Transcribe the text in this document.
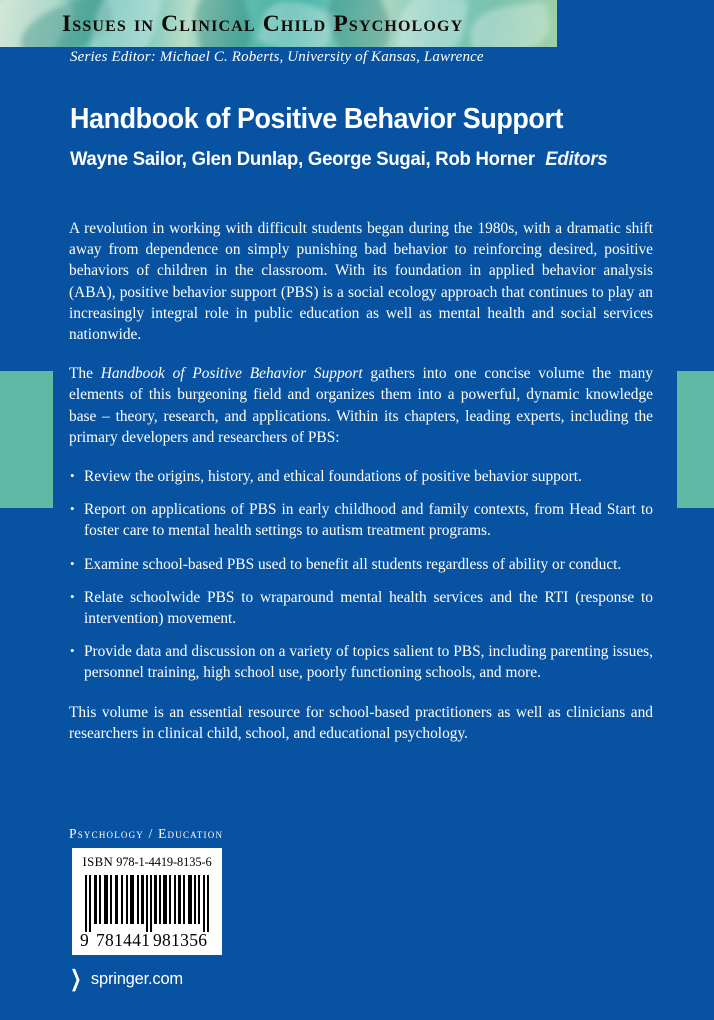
Issues in Clinical Child Psychology
Series Editor: Michael C. Roberts, University of Kansas, Lawrence
Handbook of Positive Behavior Support
Wayne Sailor, Glen Dunlap, George Sugai, Rob Horner Editors

A revolution in working with difficult students began during the 1980s, with a dramatic shift away from dependence on simply punishing bad behavior to reinforcing desired, positive behaviors of children in the classroom. With its foundation in applied behavior analysis (ABA), positive behavior support (PBS) is a social ecology approach that continues to play an increasingly integral role in public education as well as mental health and social services nationwide.

The Handbook of Positive Behavior Support gathers into one concise volume the many elements of this burgeoning field and organizes them into a powerful, dynamic knowledge base – theory, research, and applications. Within its chapters, leading experts, including the primary developers and researchers of PBS:

• Review the origins, history, and ethical foundations of positive behavior support.
• Report on applications of PBS in early childhood and family contexts, from Head Start to foster care to mental health settings to autism treatment programs.
• Examine school-based PBS used to benefit all students regardless of ability or conduct.
• Relate schoolwide PBS to wraparound mental health services and the RTI (response to intervention) movement.
• Provide data and discussion on a variety of topics salient to PBS, including parenting issues, personnel training, high school use, poorly functioning schools, and more.

This volume is an essential resource for school-based practitioners as well as clinicians and researchers in clinical child, school, and educational psychology.

Psychology / Education
ISBN 978-1-4419-8135-6
9 781441 981356
❯ springer.com
